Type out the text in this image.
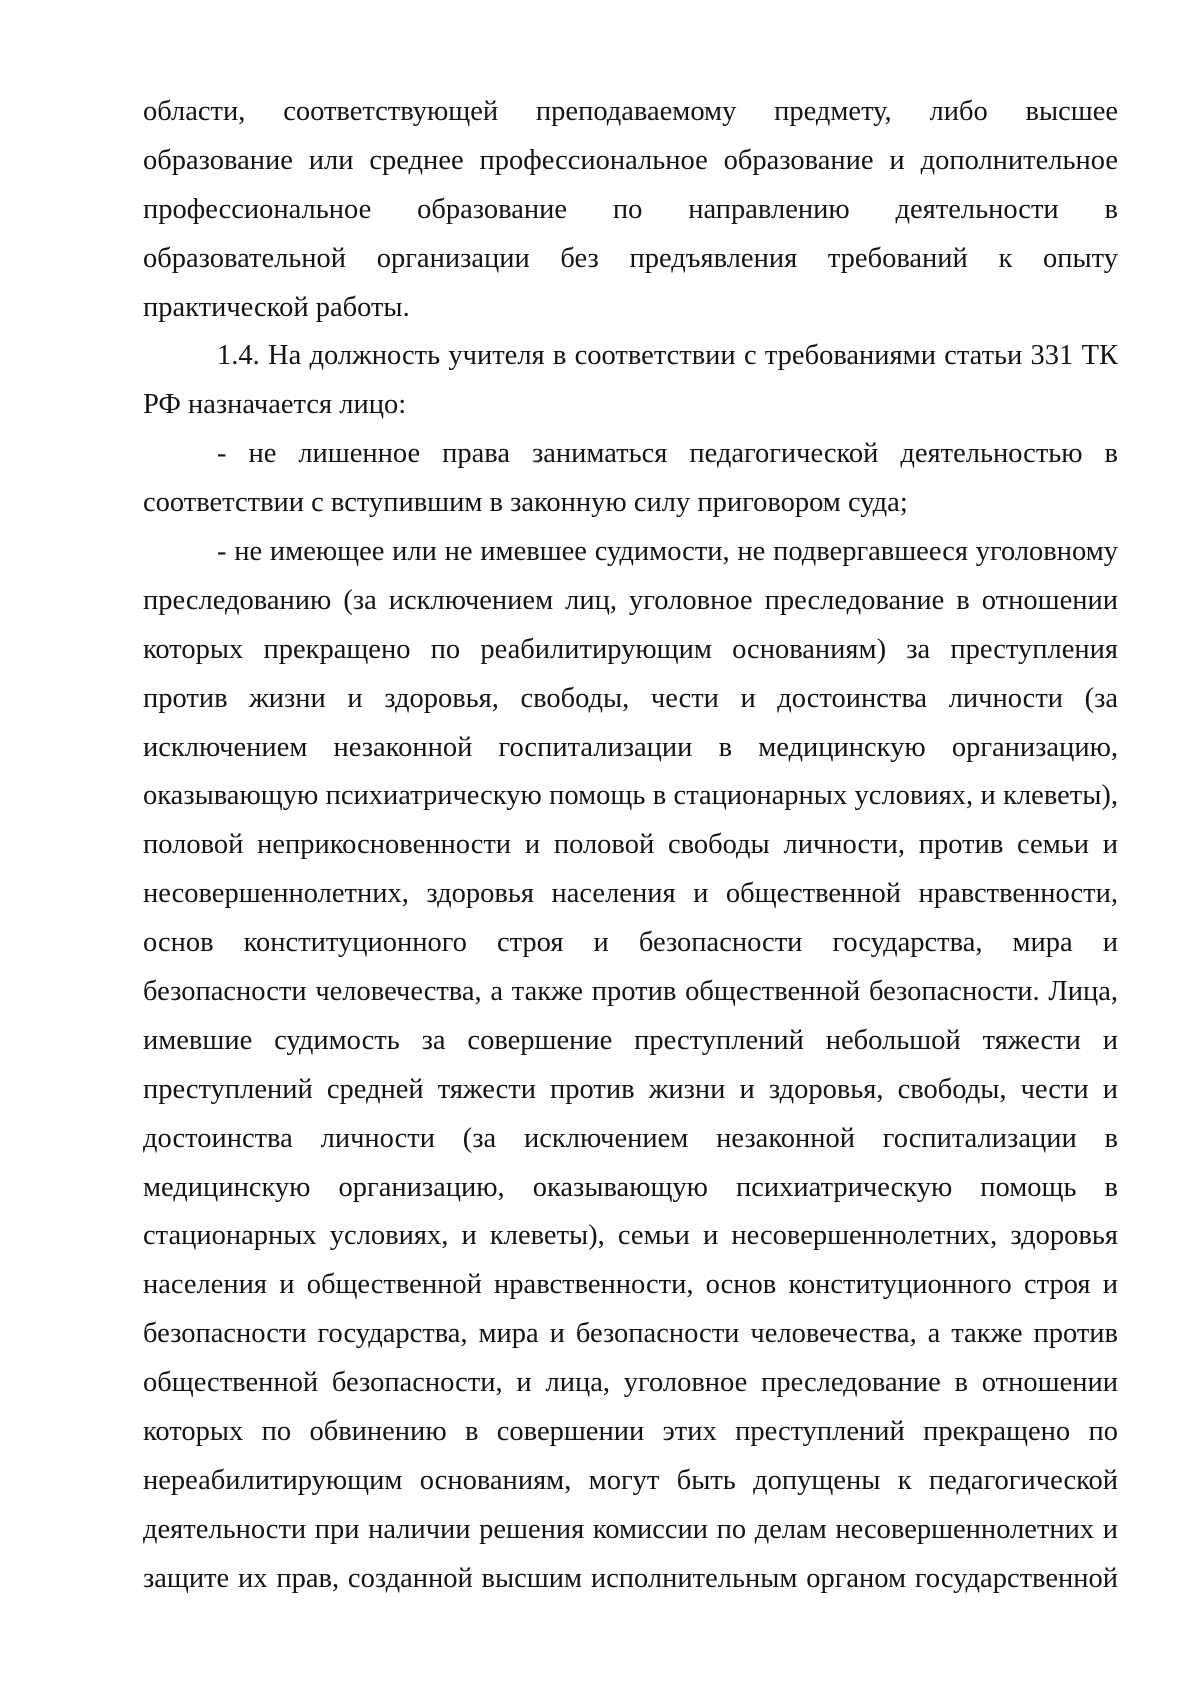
области, соответствующей преподаваемому предмету, либо высшее
образование или среднее профессиональное образование и дополнительное
профессиональное образование по направлению деятельности в
образовательной организации без предъявления требований к опыту
практической работы.
1.4. На должность учителя в соответствии с требованиями статьи 331 ТК
РФ назначается лицо:
- не лишенное права заниматься педагогической деятельностью в
соответствии с вступившим в законную силу приговором суда;
- не имеющее или не имевшее судимости, не подвергавшееся уголовному
преследованию (за исключением лиц, уголовное преследование в отношении
которых прекращено по реабилитирующим основаниям) за преступления
против жизни и здоровья, свободы, чести и достоинства личности (за
исключением незаконной госпитализации в медицинскую организацию,
оказывающую психиатрическую помощь в стационарных условиях, и клеветы),
половой неприкосновенности и половой свободы личности, против семьи и
несовершеннолетних, здоровья населения и общественной нравственности,
основ конституционного строя и безопасности государства, мира и
безопасности человечества, а также против общественной безопасности. Лица,
имевшие судимость за совершение преступлений небольшой тяжести и
преступлений средней тяжести против жизни и здоровья, свободы, чести и
достоинства личности (за исключением незаконной госпитализации в
медицинскую организацию, оказывающую психиатрическую помощь в
стационарных условиях, и клеветы), семьи и несовершеннолетних, здоровья
населения и общественной нравственности, основ конституционного строя и
безопасности государства, мира и безопасности человечества, а также против
общественной безопасности, и лица, уголовное преследование в отношении
которых по обвинению в совершении этих преступлений прекращено по
нереабилитирующим основаниям, могут быть допущены к педагогической
деятельности при наличии решения комиссии по делам несовершеннолетних и
защите их прав, созданной высшим исполнительным органом государственной
